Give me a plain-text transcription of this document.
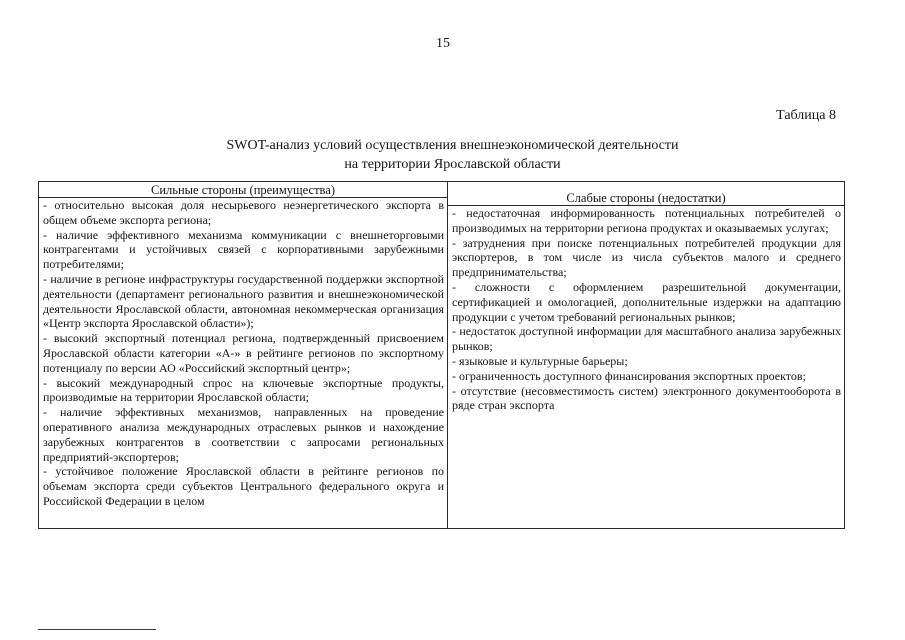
15
Таблица 8
SWOT-анализ условий осуществления внешнеэкономической деятельности
на территории Ярославской области
Сильные стороны (преимущества)
- относительно высокая доля несырьевого неэнергетического экспорта в общем объеме экспорта региона;
- наличие эффективного механизма коммуникации с внешнеторговыми контрагентами и устойчивых связей с корпоративными зарубежными потребителями;
- наличие в регионе инфраструктуры государственной поддержки экспортной деятельности (департамент регионального развития и внешнеэкономической деятельности Ярославской области, автономная некоммерческая организация «Центр экспорта Ярославской области»);
- высокий экспортный потенциал региона, подтвержденный присвоением Ярославской области категории «А-» в рейтинге регионов по экспортному потенциалу по версии АО «Российский экспортный центр»;
- высокий международный спрос на ключевые экспортные продукты, производимые на территории Ярославской области;
- наличие эффективных механизмов, направленных на проведение оперативного анализа международных отраслевых рынков и нахождение зарубежных контрагентов в соответствии с запросами региональных предприятий-экспортеров;
- устойчивое положение Ярославской области в рейтинге регионов по объемам экспорта среди субъектов Центрального федерального округа и Российской Федерации в целом
Слабые стороны (недостатки)
- недостаточная информированность потенциальных потребителей о производимых на территории региона продуктах и оказываемых услугах;
- затруднения при поиске потенциальных потребителей продукции для экспортеров, в том числе из числа субъектов малого и среднего предпринимательства;
- сложности с оформлением разрешительной документации, сертификацией и омологацией, дополнительные издержки на адаптацию продукции с учетом требований региональных рынков;
- недостаток доступной информации для масштабного анализа зарубежных рынков;
- языковые и культурные барьеры;
- ограниченность доступного финансирования экспортных проектов;
- отсутствие (несовместимость систем) электронного документооборота в ряде стран экспорта
